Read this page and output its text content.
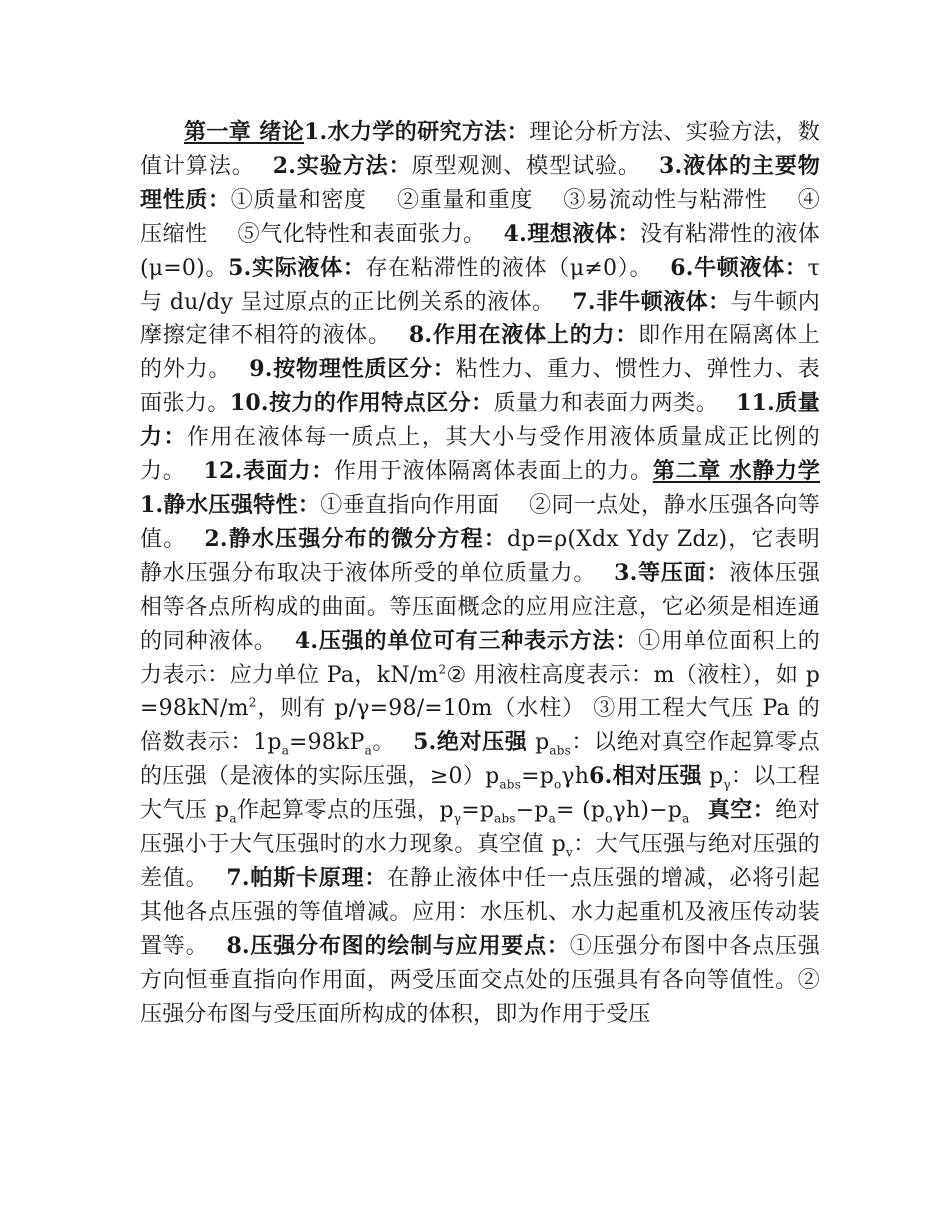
第一章 绪论1.水力学的研究方法：理论分析方法、实验方法，数值计算法。 2.实验方法：原型观测、模型试验。 3.液体的主要物理性质：①质量和密度　 ②重量和重度　 ③易流动性与粘滞性　 ④压缩性　 ⑤气化特性和表面张力。 4.理想液体：没有粘滞性的液体(μ=0)。5.实际液体：存在粘滞性的液体（μ≠0）。 6.牛顿液体：τ 与 du/dy 呈过原点的正比例关系的液体。 7.非牛顿液体：与牛顿内摩擦定律不相符的液体。 8.作用在液体上的力：即作用在隔离体上的外力。 9.按物理性质区分：粘性力、重力、惯性力、弹性力、表面张力。10.按力的作用特点区分：质量力和表面力两类。 11.质量力：作用在液体每一质点上，其大小与受作用液体质量成正比例的力。 12.表面力：作用于液体隔离体表面上的力。第二章 水静力学1.静水压强特性：①垂直指向作用面　 ②同一点处，静水压强各向等值。 2.静水压强分布的微分方程：dp=ρ(Xdx Ydy Zdz)，它表明静水压强分布取决于液体所受的单位质量力。 3.等压面：液体压强相等各点所构成的曲面。等压面概念的应用应注意，它必须是相连通的同种液体。 4.压强的单位可有三种表示方法：①用单位面积上的力表示：应力单位 Pa，$kN/m^2②$ 用液柱高度表示：m（液柱），如 $p=98kN/m^2$，则有 p/γ=98/=10m（水柱） ③用工程大气压 Pa 的倍数表示：$1p_a=98kP_a$。 5.绝对压强 $p_{abs}$：以绝对真空作起算零点的压强（是液体的实际压强，$\ge 0)p_{abs}=p_o\gamma h6$.相对压强 $p_\gamma$：以工程大气压 $p_a$作起算零点的压强，$p_\gamma=p_{abs}-p_a= (p_o\gamma h)-p_a$ 真空：绝对压强小于大气压强时的水力现象。真空值 $p_v$：大气压强与绝对压强的差值。 7.帕斯卡原理：在静止液体中任一点压强的增减，必将引起其他各点压强的等值增减。应用：水压机、水力起重机及液压传动装置等。 8.压强分布图的绘制与应用要点：①压强分布图中各点压强方向恒垂直指向作用面，两受压面交点处的压强具有各向等值性。②压强分布图与受压面所构成的体积，即为作用于受压
